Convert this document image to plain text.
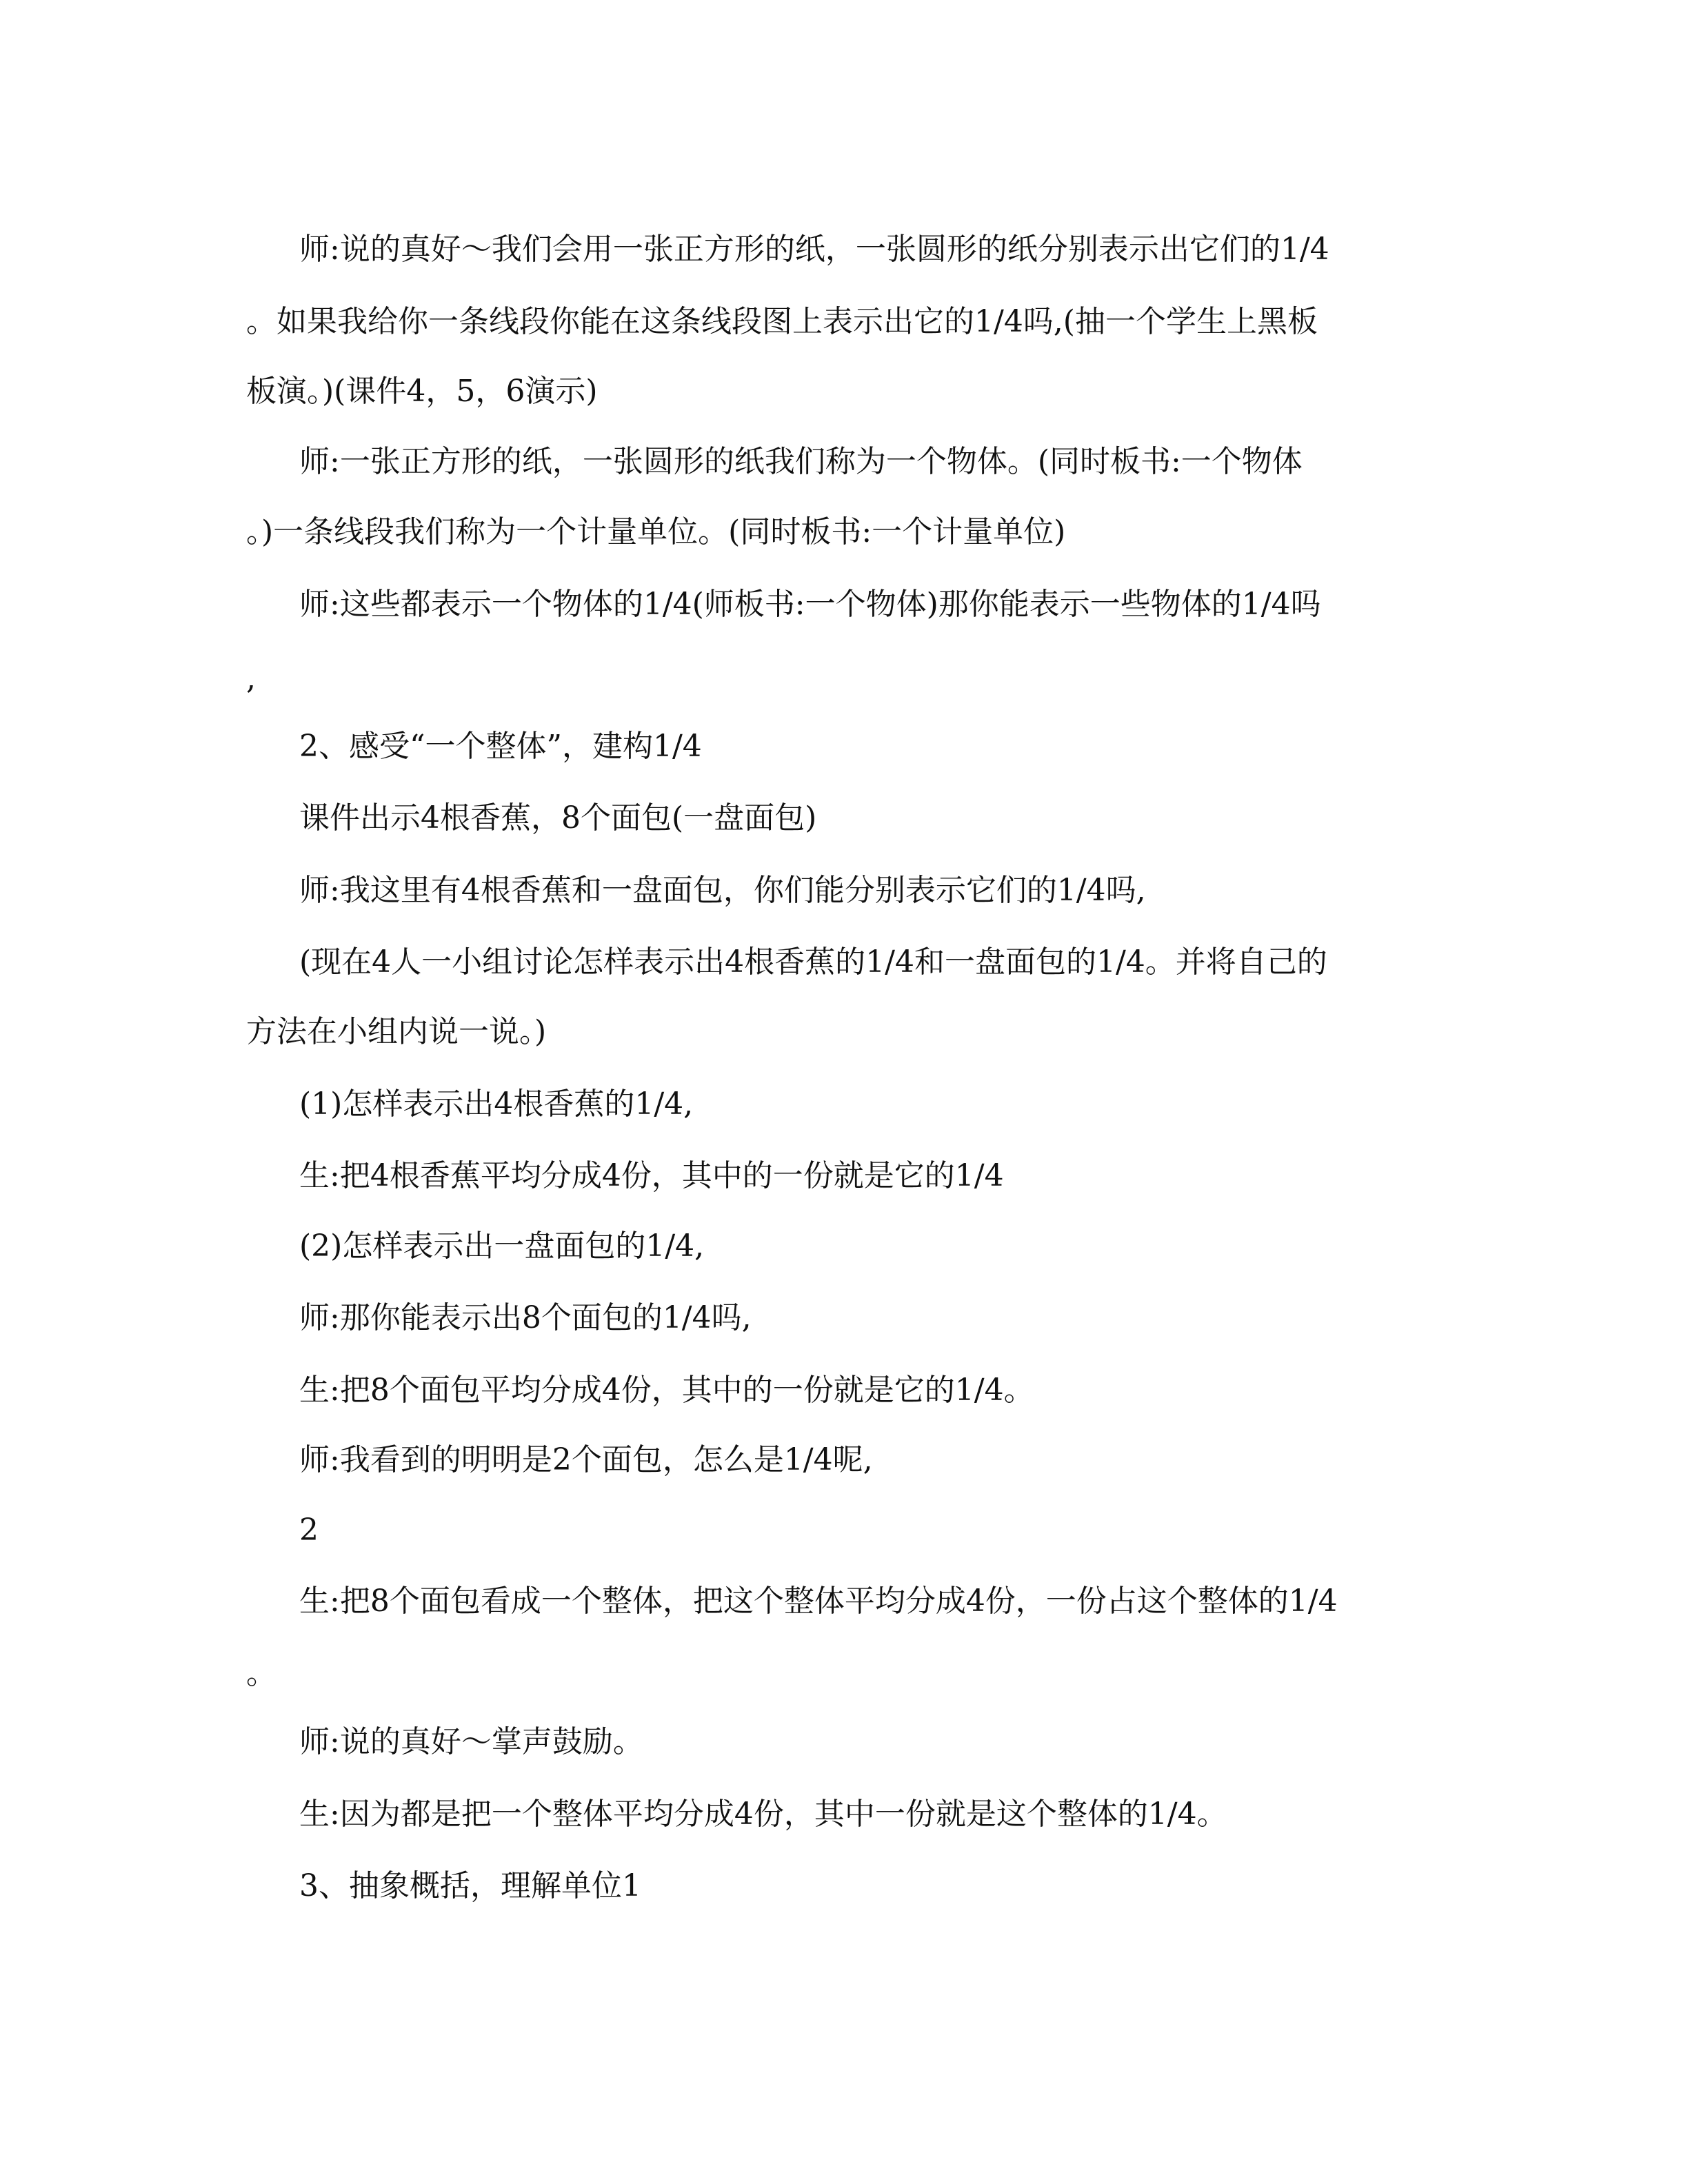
师:说的真好～我们会用一张正方形的纸，一张圆形的纸分别表示出它们的1/4
。如果我给你一条线段你能在这条线段图上表示出它的1/4吗,(抽一个学生上黑板
板演。)(课件4，5，6演示)
师:一张正方形的纸，一张圆形的纸我们称为一个物体。(同时板书:一个物体
。)一条线段我们称为一个计量单位。(同时板书:一个计量单位)
师:这些都表示一个物体的1/4(师板书:一个物体)那你能表示一些物体的1/4吗
,
2、感受“一个整体”，建构1/4
课件出示4根香蕉，8个面包(一盘面包)
师:我这里有4根香蕉和一盘面包，你们能分别表示它们的1/4吗,
(现在4人一小组讨论怎样表示出4根香蕉的1/4和一盘面包的1/4。并将自己的
方法在小组内说一说。)
(1)怎样表示出4根香蕉的1/4,
生:把4根香蕉平均分成4份，其中的一份就是它的1/4
(2)怎样表示出一盘面包的1/4,
师:那你能表示出8个面包的1/4吗,
生:把8个面包平均分成4份，其中的一份就是它的1/4。
师:我看到的明明是2个面包，怎么是1/4呢,
2
生:把8个面包看成一个整体，把这个整体平均分成4份，一份占这个整体的1/4
。
师:说的真好～掌声鼓励。
生:因为都是把一个整体平均分成4份，其中一份就是这个整体的1/4。
3、抽象概括，理解单位1
